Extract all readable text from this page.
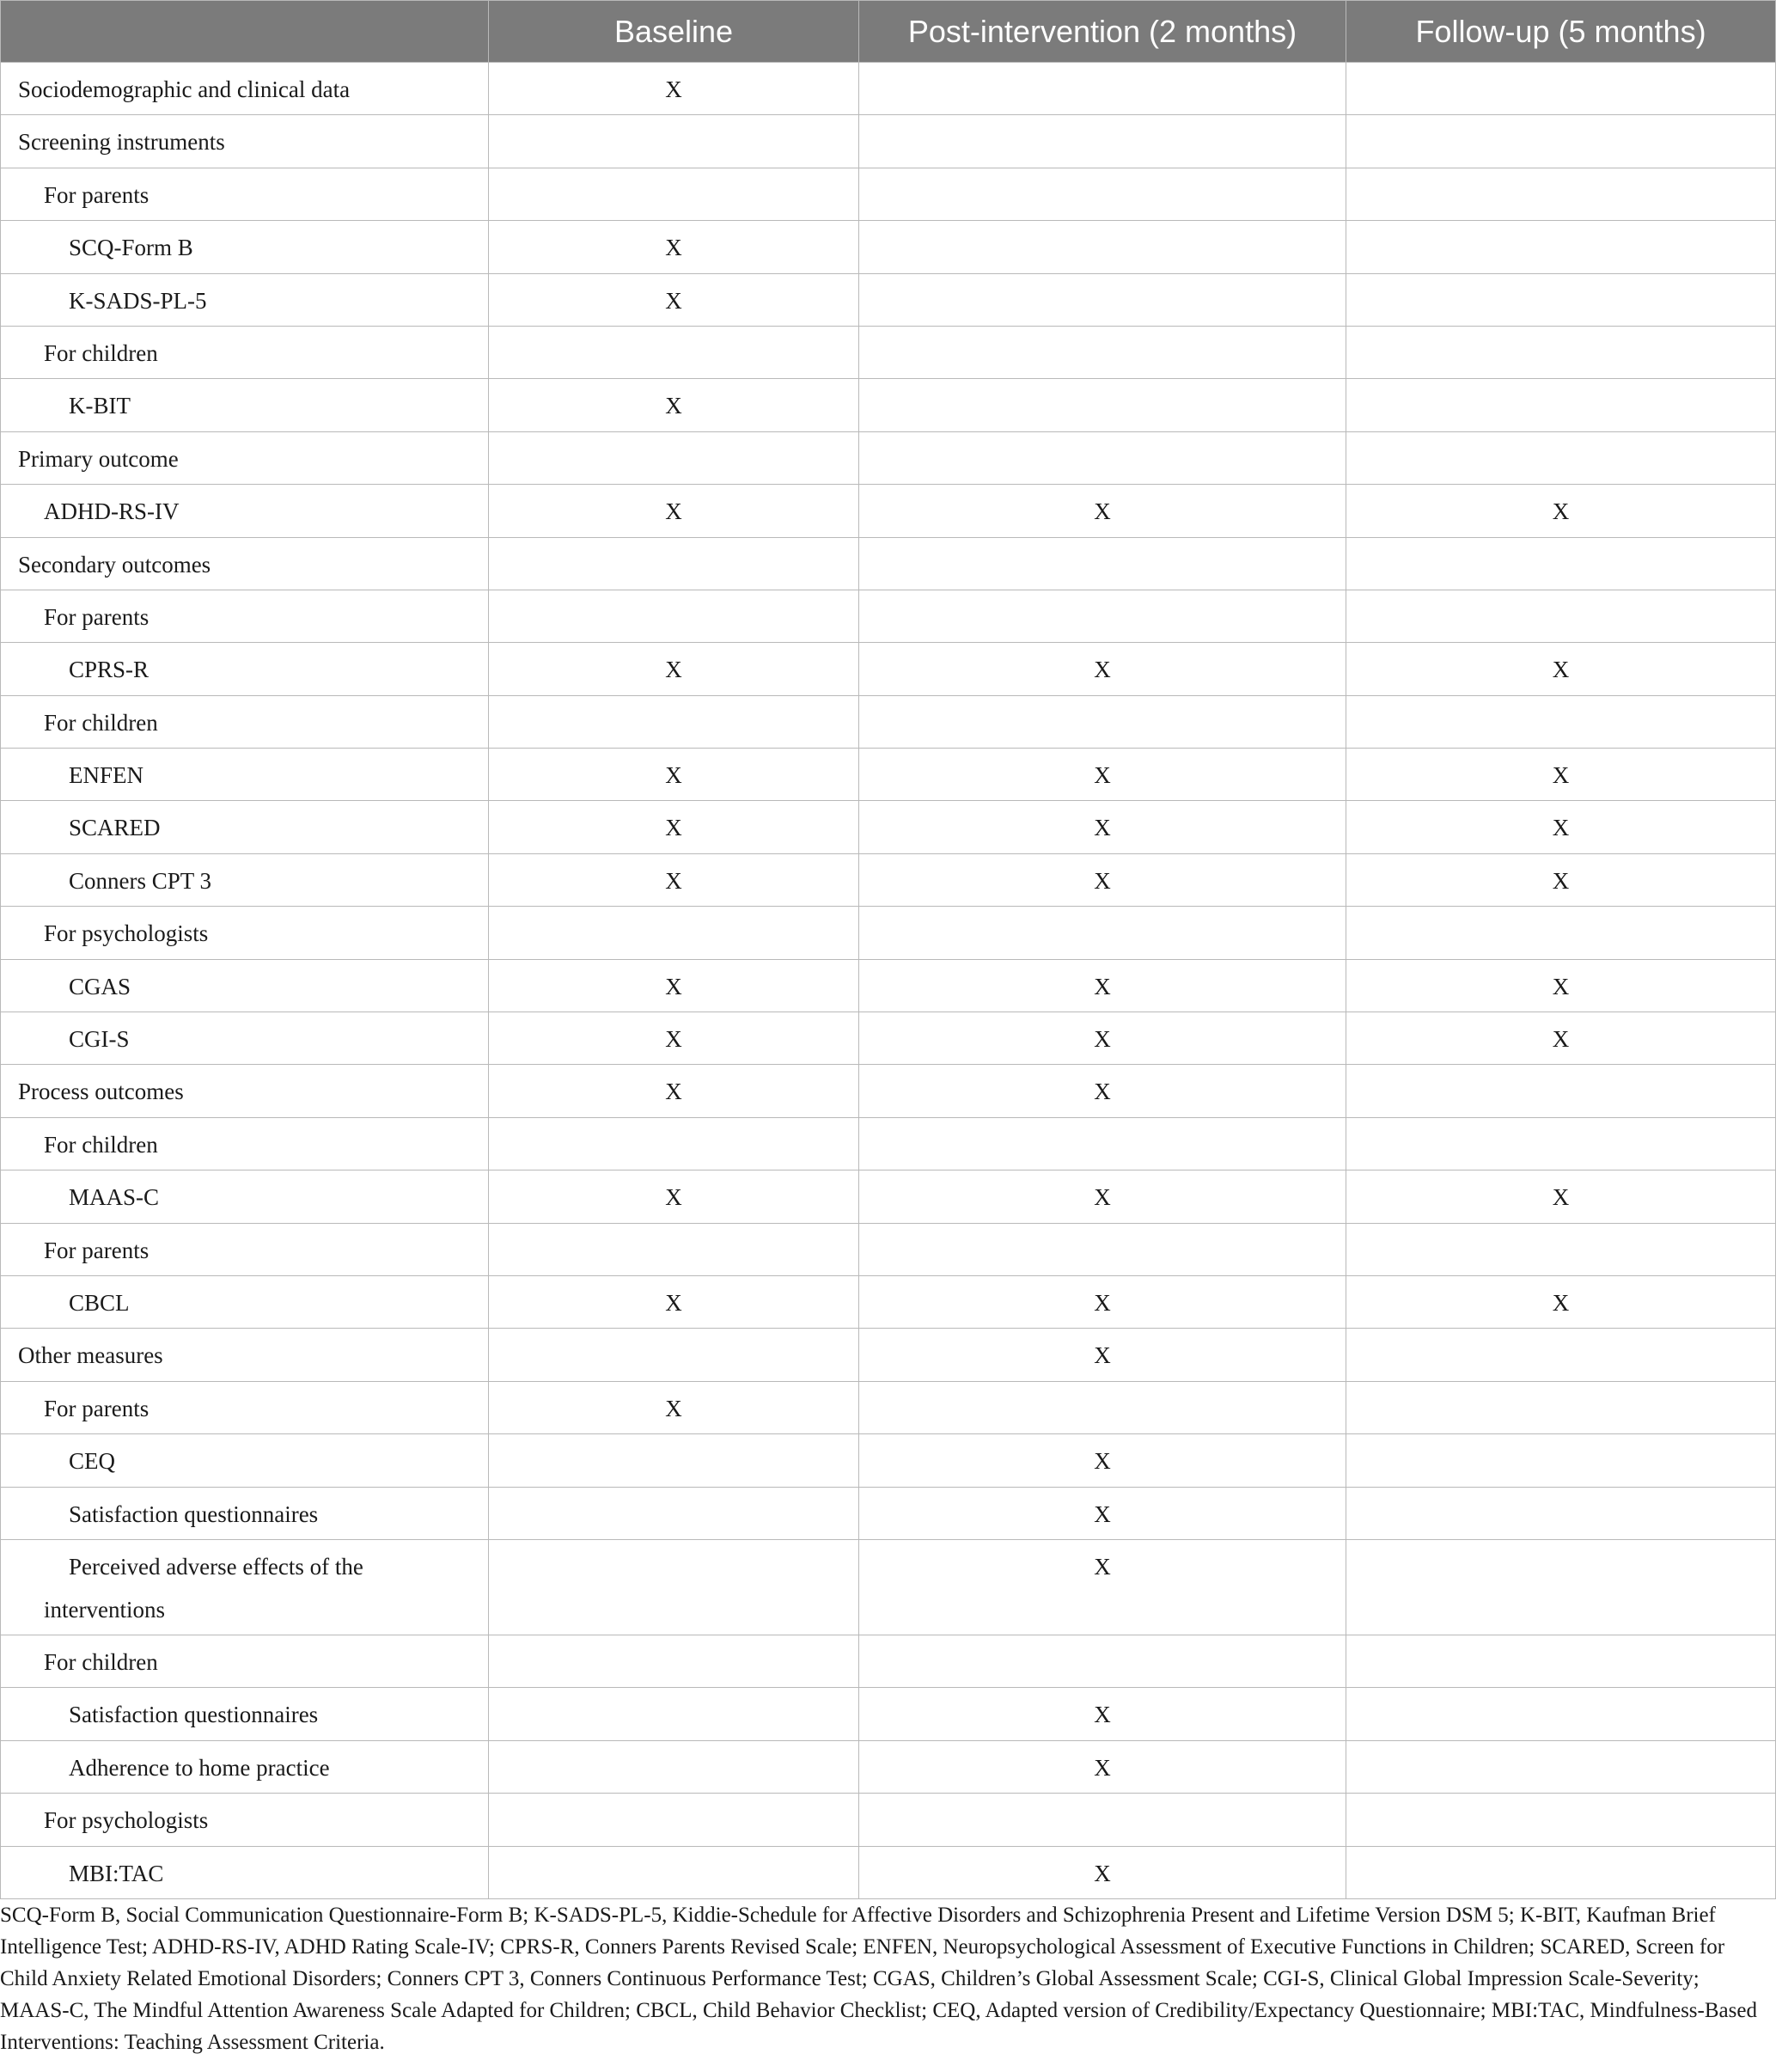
	Baseline	Post-intervention (2 months)	Follow-up (5 months)
Sociodemographic and clinical data	X		
Screening instruments			
For parents			
SCQ-Form B	X		
K-SADS-PL-5	X		
For children			
K-BIT	X		
Primary outcome			
ADHD-RS-IV	X	X	X
Secondary outcomes			
For parents			
CPRS-R	X	X	X
For children			
ENFEN	X	X	X
SCARED	X	X	X
Conners CPT 3	X	X	X
For psychologists			
CGAS	X	X	X
CGI-S	X	X	X
Process outcomes	X	X	
For children			
MAAS-C	X	X	X
For parents			
CBCL	X	X	X
Other measures		X	
For parents	X		
CEQ		X	
Satisfaction questionnaires		X	
Perceived adverse effects of the interventions		X	
For children			
Satisfaction questionnaires		X	
Adherence to home practice		X	
For psychologists			
MBI:TAC		X	
SCQ-Form B, Social Communication Questionnaire-Form B; K-SADS-PL-5, Kiddie-Schedule for Affective Disorders and Schizophrenia Present and Lifetime Version DSM 5; K-BIT, Kaufman Brief Intelligence Test; ADHD-RS-IV, ADHD Rating Scale-IV; CPRS-R, Conners Parents Revised Scale; ENFEN, Neuropsychological Assessment of Executive Functions in Children; SCARED, Screen for Child Anxiety Related Emotional Disorders; Conners CPT 3, Conners Continuous Performance Test; CGAS, Children’s Global Assessment Scale; CGI-S, Clinical Global Impression Scale-Severity; MAAS-C, The Mindful Attention Awareness Scale Adapted for Children; CBCL, Child Behavior Checklist; CEQ, Adapted version of Credibility/Expectancy Questionnaire; MBI:TAC, Mindfulness-Based Interventions: Teaching Assessment Criteria.
